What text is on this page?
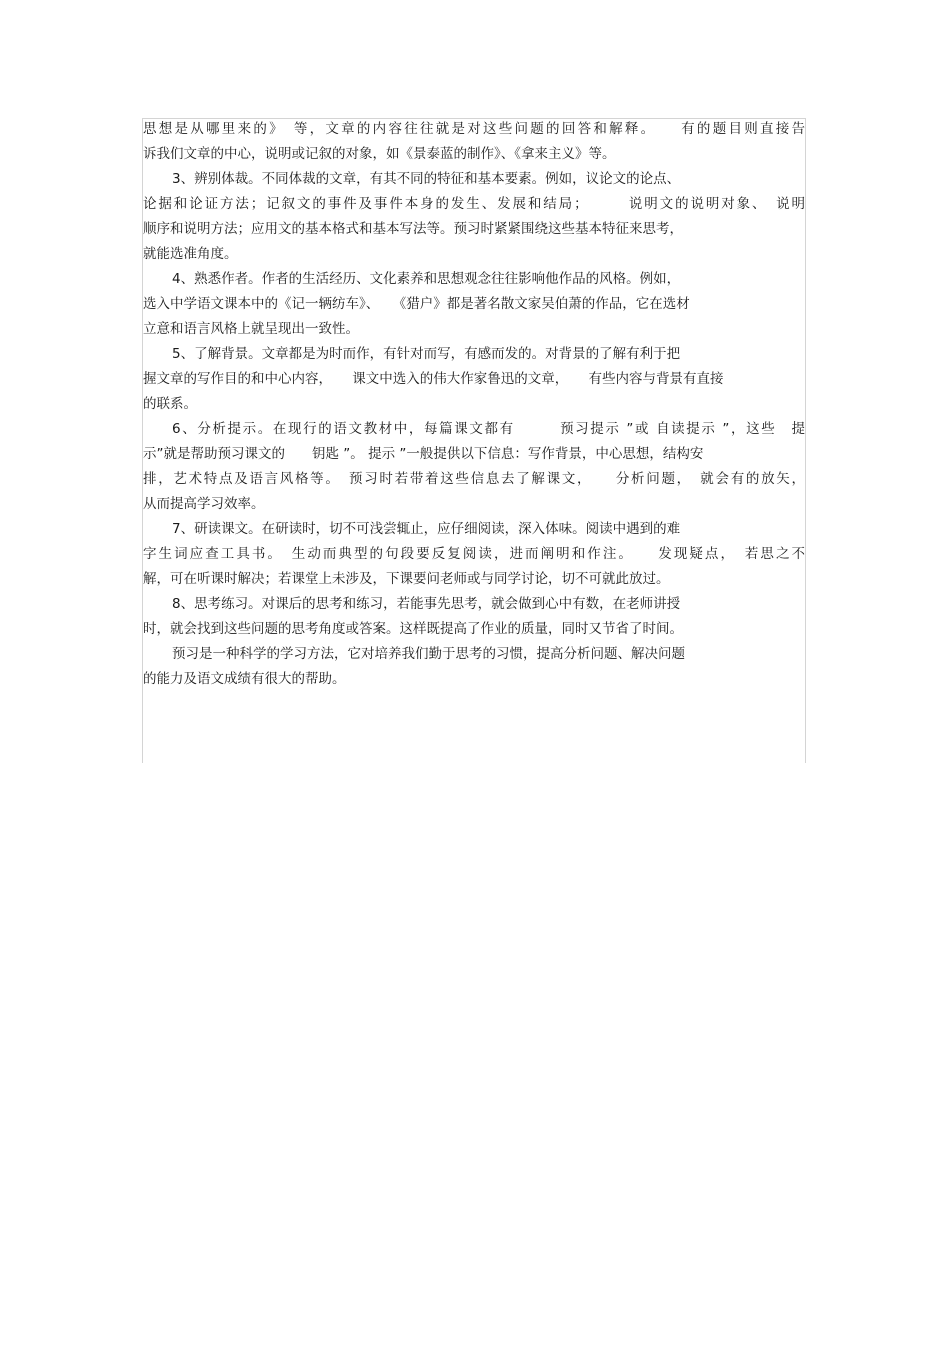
思想是从哪里来的》　等，文章的内容往往就是对这些问题的回答和解释。　　有的题目则直接告
诉我们文章的中心，说明或记叙的对象，如《景泰蓝的制作》、《拿来主义》等。
3、辨别体裁。不同体裁的文章，有其不同的特征和基本要素。例如，议论文的论点、
论据和论证方法；记叙文的事件及事件本身的发生、发展和结局；　　　说明文的说明对象、　说明
顺序和说明方法；应用文的基本格式和基本写法等。预习时紧紧围绕这些基本特征来思考，
就能选准角度。
4、熟悉作者。作者的生活经历、文化素养和思想观念往往影响他作品的风格。例如，
选入中学语文课本中的《记一辆纺车》、　　《猎户》都是著名散文家吴伯萧的作品，它在选材
立意和语言风格上就呈现出一致性。
5、了解背景。文章都是为时而作，有针对而写，有感而发的。对背景的了解有利于把
握文章的写作目的和中心内容，　　课文中选入的伟大作家鲁迅的文章，　　有些内容与背景有直接
的联系。
6、分析提示。在现行的语文教材中，每篇课文都有　　　预习提示 ”或 自读提示 ”，这些　提
示”就是帮助预习课文的　　钥匙 ”。 提示 ”一般提供以下信息：写作背景，中心思想，结构安
排，艺术特点及语言风格等。　预习时若带着这些信息去了解课文，　　分析问题，　就会有的放矢，
从而提高学习效率。
7、研读课文。在研读时，切不可浅尝辄止，应仔细阅读，深入体味。阅读中遇到的难
字生词应查工具书。　生动而典型的句段要反复阅读，进而阐明和作注。　　发现疑点，　若思之不
解，可在听课时解决；若课堂上未涉及，下课要问老师或与同学讨论，切不可就此放过。
8、思考练习。对课后的思考和练习，若能事先思考，就会做到心中有数，在老师讲授
时，就会找到这些问题的思考角度或答案。这样既提高了作业的质量，同时又节省了时间。
预习是一种科学的学习方法，它对培养我们勤于思考的习惯，提高分析问题、解决问题
的能力及语文成绩有很大的帮助。
